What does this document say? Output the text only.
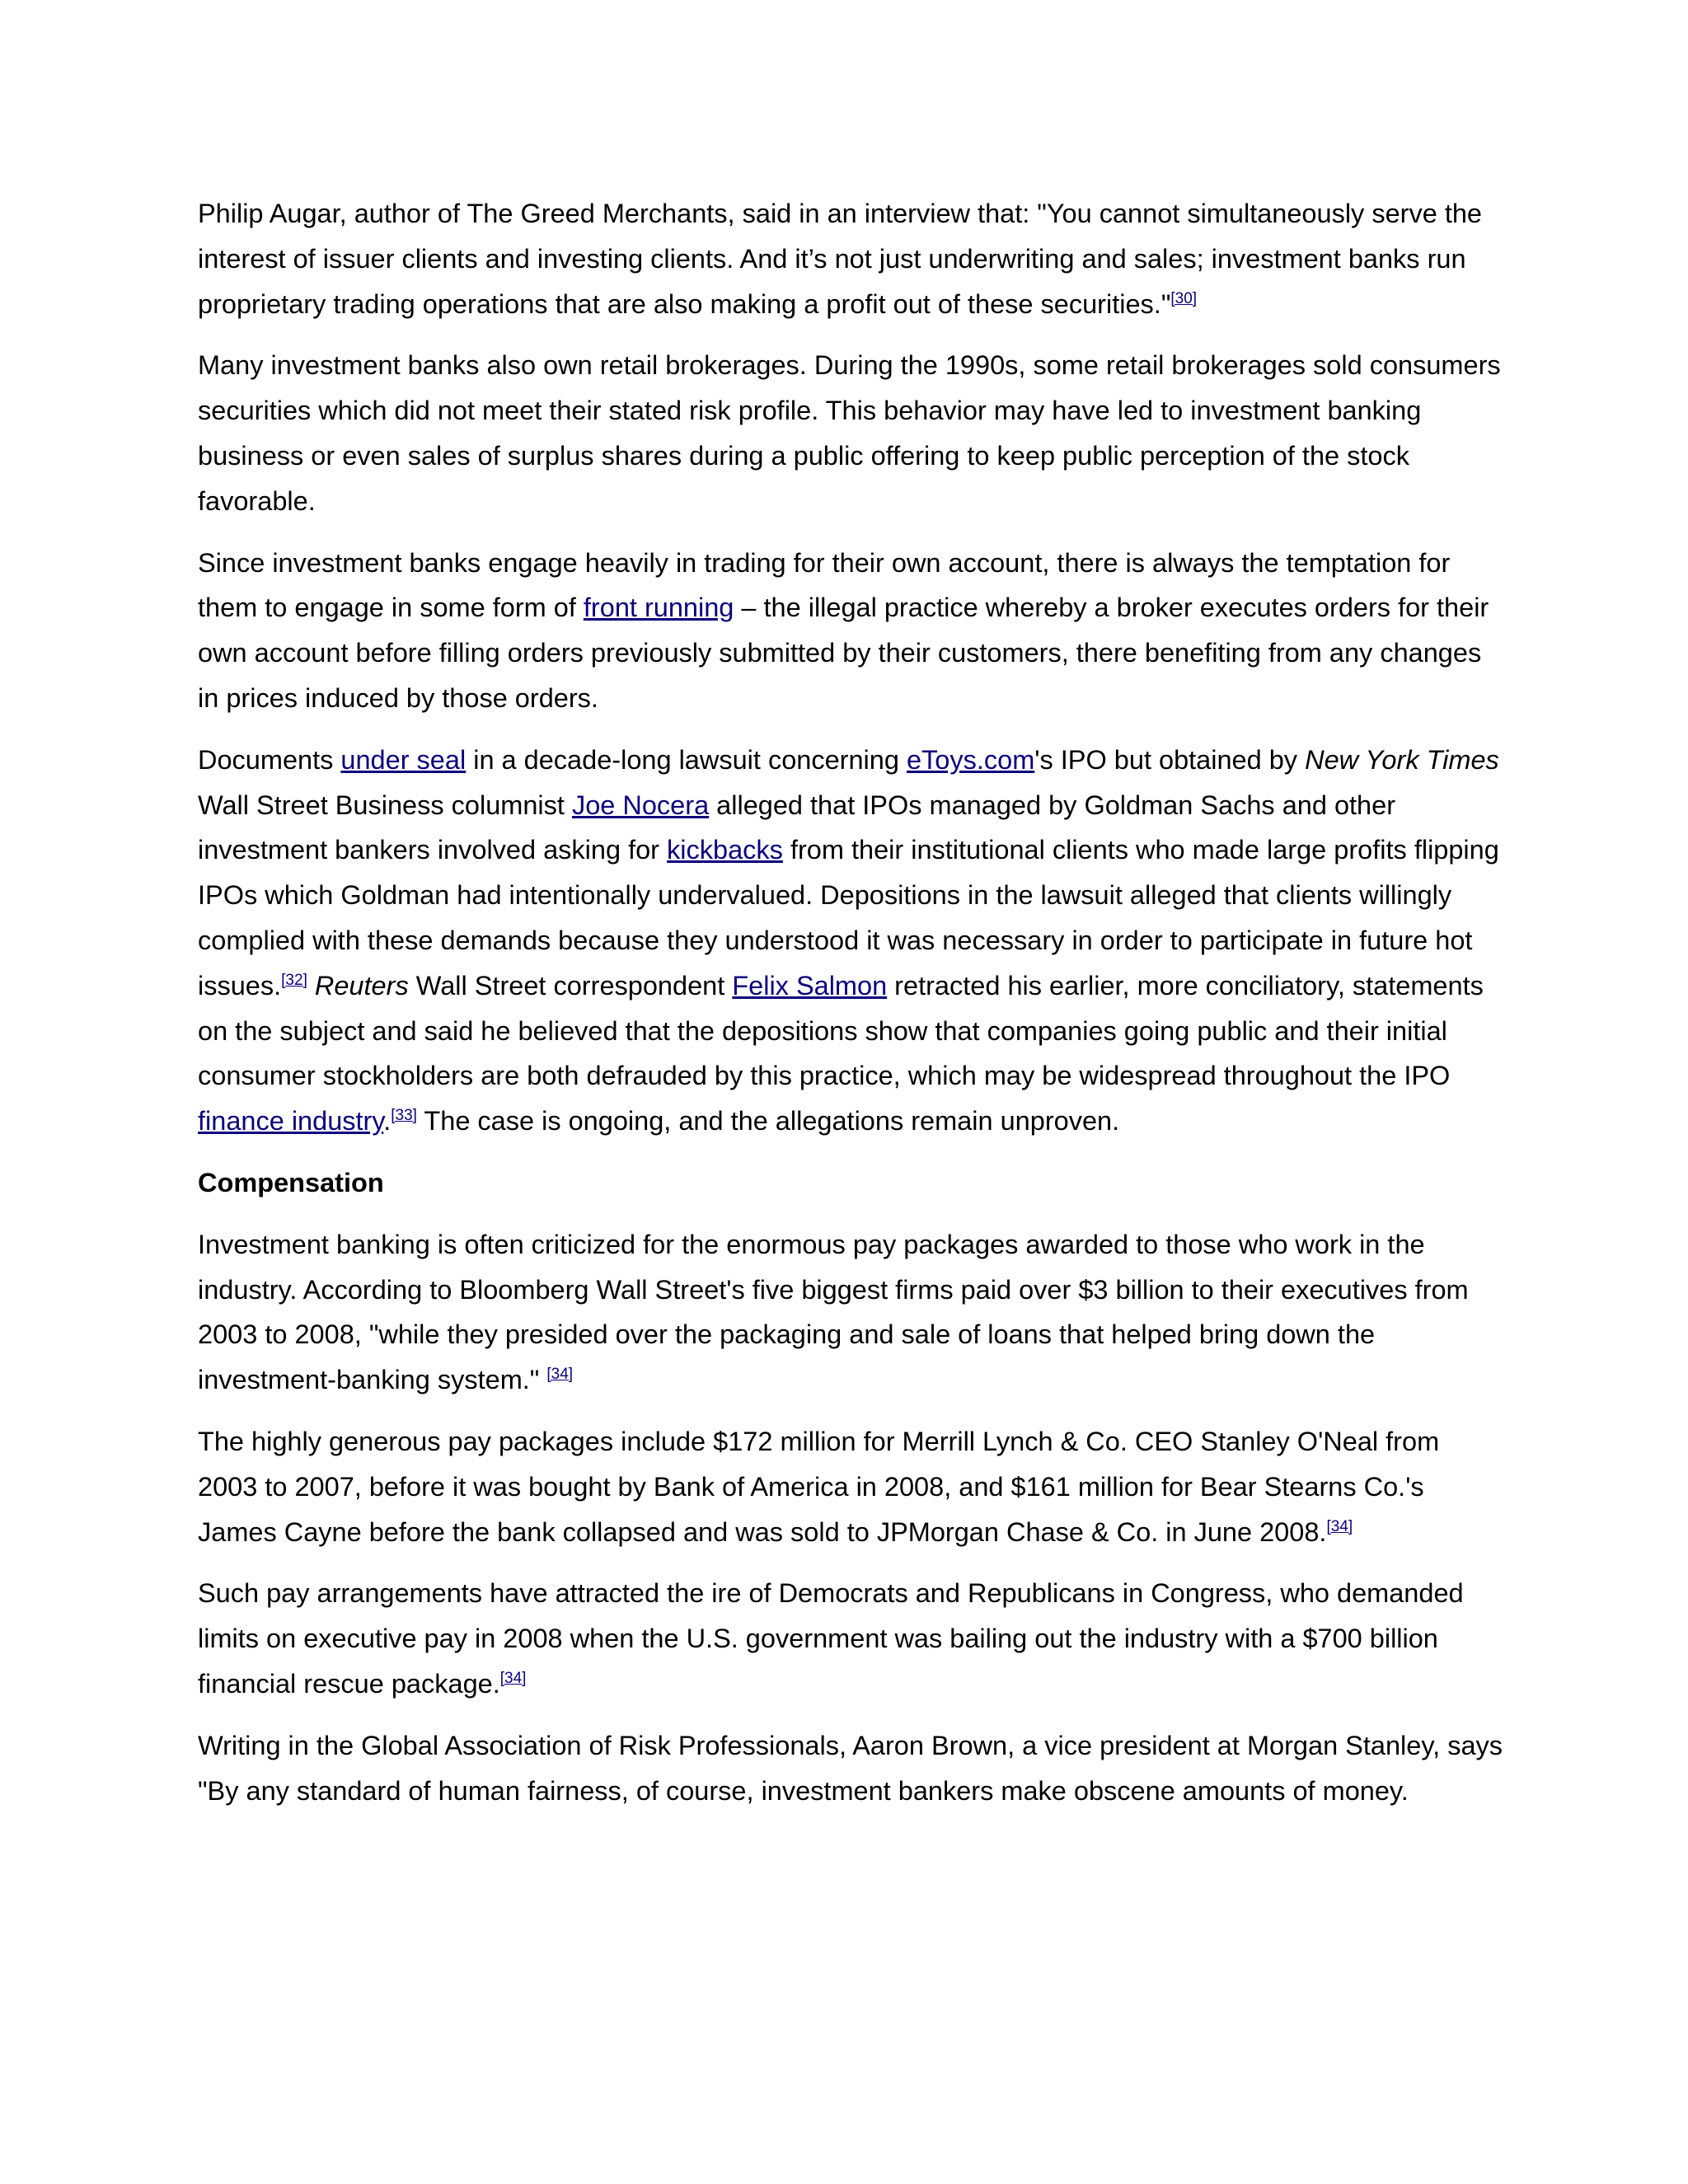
Philip Augar, author of The Greed Merchants, said in an interview that: "You cannot simultaneously serve the interest of issuer clients and investing clients. And it’s not just underwriting and sales; investment banks run proprietary trading operations that are also making a profit out of these securities."[30]

Many investment banks also own retail brokerages. During the 1990s, some retail brokerages sold consumers securities which did not meet their stated risk profile. This behavior may have led to investment banking business or even sales of surplus shares during a public offering to keep public perception of the stock favorable.

Since investment banks engage heavily in trading for their own account, there is always the temptation for them to engage in some form of front running – the illegal practice whereby a broker executes orders for their own account before filling orders previously submitted by their customers, there benefiting from any changes in prices induced by those orders.

Documents under seal in a decade-long lawsuit concerning eToys.com's IPO but obtained by New York Times Wall Street Business columnist Joe Nocera alleged that IPOs managed by Goldman Sachs and other investment bankers involved asking for kickbacks from their institutional clients who made large profits flipping IPOs which Goldman had intentionally undervalued. Depositions in the lawsuit alleged that clients willingly complied with these demands because they understood it was necessary in order to participate in future hot issues.[32] Reuters Wall Street correspondent Felix Salmon retracted his earlier, more conciliatory, statements on the subject and said he believed that the depositions show that companies going public and their initial consumer stockholders are both defrauded by this practice, which may be widespread throughout the IPO finance industry.[33] The case is ongoing, and the allegations remain unproven.

Compensation

Investment banking is often criticized for the enormous pay packages awarded to those who work in the industry. According to Bloomberg Wall Street's five biggest firms paid over $3 billion to their executives from 2003 to 2008, "while they presided over the packaging and sale of loans that helped bring down the investment-banking system." [34]

The highly generous pay packages include $172 million for Merrill Lynch & Co. CEO Stanley O'Neal from 2003 to 2007, before it was bought by Bank of America in 2008, and $161 million for Bear Stearns Co.'s James Cayne before the bank collapsed and was sold to JPMorgan Chase & Co. in June 2008.[34]

Such pay arrangements have attracted the ire of Democrats and Republicans in Congress, who demanded limits on executive pay in 2008 when the U.S. government was bailing out the industry with a $700 billion financial rescue package.[34]

Writing in the Global Association of Risk Professionals, Aaron Brown, a vice president at Morgan Stanley, says "By any standard of human fairness, of course, investment bankers make obscene amounts of money.
